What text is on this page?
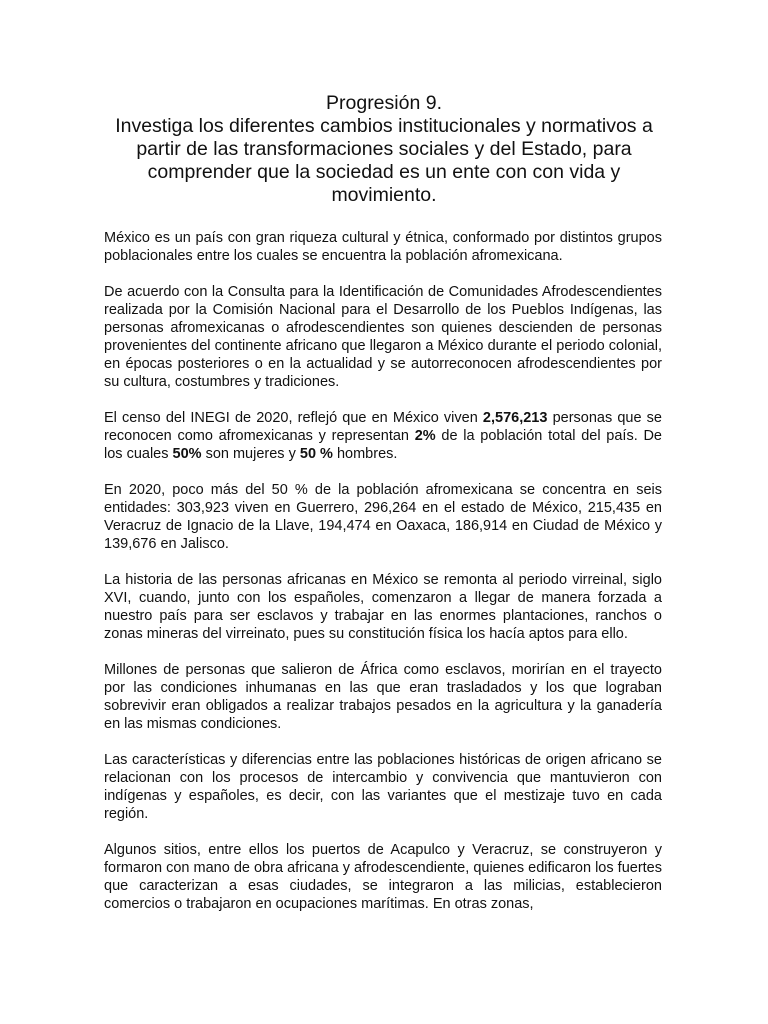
Progresión 9.
Investiga los diferentes cambios institucionales y normativos a partir de las transformaciones sociales y del Estado, para comprender que la sociedad es un ente con con vida y movimiento.

México es un país con gran riqueza cultural y étnica, conformado por distintos grupos poblacionales entre los cuales se encuentra la población afromexicana.

De acuerdo con la Consulta para la Identificación de Comunidades Afrodescendientes realizada por la Comisión Nacional para el Desarrollo de los Pueblos Indígenas, las personas afromexicanas o afrodescendientes son quienes descienden de personas provenientes del continente africano que llegaron a México durante el periodo colonial, en épocas posteriores o en la actualidad y se autorreconocen afrodescendientes por su cultura, costumbres y tradiciones.

El censo del INEGI de 2020, reflejó que en México viven 2,576,213 personas que se reconocen como afromexicanas y representan 2% de la población total del país. De los cuales 50% son mujeres y 50 % hombres.

En 2020, poco más del 50 % de la población afromexicana se concentra en seis entidades: 303,923 viven en Guerrero, 296,264 en el estado de México, 215,435 en Veracruz de Ignacio de la Llave, 194,474 en Oaxaca, 186,914 en Ciudad de México y 139,676 en Jalisco.

La historia de las personas africanas en México se remonta al periodo virreinal, siglo XVI, cuando, junto con los españoles, comenzaron a llegar de manera forzada a nuestro país para ser esclavos y trabajar en las enormes plantaciones, ranchos o zonas mineras del virreinato, pues su constitución física los hacía aptos para ello.

Millones de personas que salieron de África como esclavos, morirían en el trayecto por las condiciones inhumanas en las que eran trasladados y los que lograban sobrevivir eran obligados a realizar trabajos pesados en la agricultura y la ganadería en las mismas condiciones.

Las características y diferencias entre las poblaciones históricas de origen africano se relacionan con los procesos de intercambio y convivencia que mantuvieron con indígenas y españoles, es decir, con las variantes que el mestizaje tuvo en cada región.

Algunos sitios, entre ellos los puertos de Acapulco y Veracruz, se construyeron y formaron con mano de obra africana y afrodescendiente, quienes edificaron los fuertes que caracterizan a esas ciudades, se integraron a las milicias, establecieron comercios o trabajaron en ocupaciones marítimas. En otras zonas,
